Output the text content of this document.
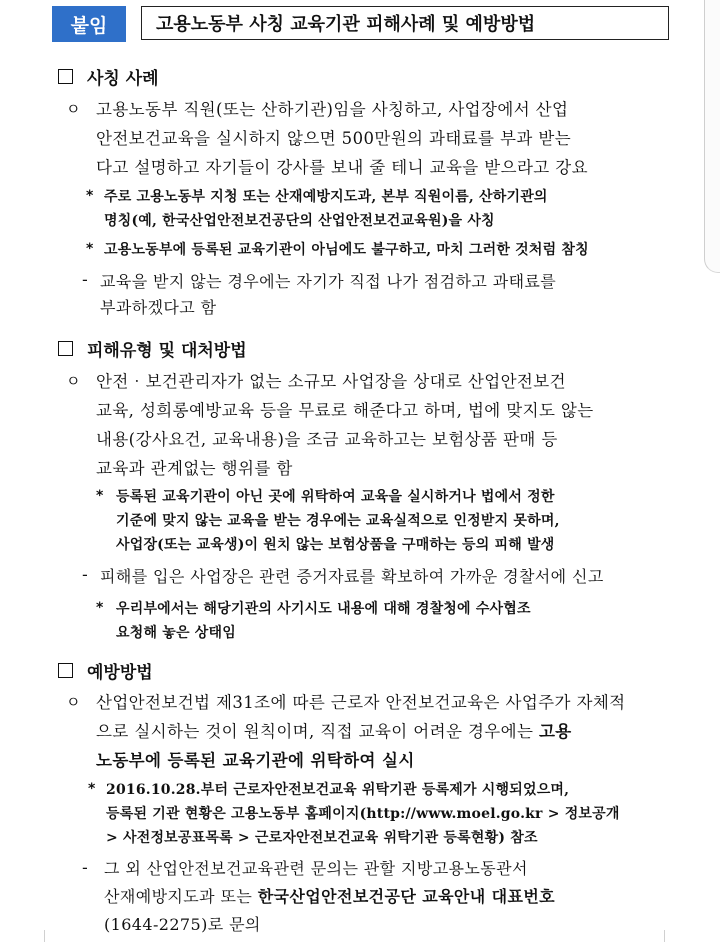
붙임	고용노동부 사칭 교육기관 피해사례 및 예방방법
사칭 사례
ㅇ 고용노동부 직원(또는 산하기관)임을 사칭하고, 사업장에서 산업
안전보건교육을 실시하지 않으면 500만원의 과태료를 부과 받는
다고 설명하고 자기들이 강사를 보내 줄 테니 교육을 받으라고 강요
* 주로 고용노동부 지청 또는 산재예방지도과, 본부 직원이름, 산하기관의
명칭(예, 한국산업안전보건공단의 산업안전보건교육원)을 사칭
* 고용노동부에 등록된 교육기관이 아님에도 불구하고, 마치 그러한 것처럼 참칭
- 교육을 받지 않는 경우에는 자기가 직접 나가 점검하고 과태료를
부과하겠다고 함
피해유형 및 대처방법
ㅇ 안전‧보건관리자가 없는 소규모 사업장을 상대로 산업안전보건
교육, 성희롱예방교육 등을 무료로 해준다고 하며, 법에 맞지도 않는
내용(강사요건, 교육내용)을 조금 교육하고는 보험상품 판매 등
교육과 관계없는 행위를 함
* 등록된 교육기관이 아닌 곳에 위탁하여 교육을 실시하거나 법에서 정한
기준에 맞지 않는 교육을 받는 경우에는 교육실적으로 인정받지 못하며,
사업장(또는 교육생)이 원치 않는 보험상품을 구매하는 등의 피해 발생
- 피해를 입은 사업장은 관련 증거자료를 확보하여 가까운 경찰서에 신고
* 우리부에서는 해당기관의 사기시도 내용에 대해 경찰청에 수사협조
요청해 놓은 상태임
예방방법
ㅇ 산업안전보건법 제31조에 따른 근로자 안전보건교육은 사업주가 자체적
으로 실시하는 것이 원칙이며, 직접 교육이 어려운 경우에는 고용
노동부에 등록된 교육기관에 위탁하여 실시
* 2016.10.28.부터 근로자안전보건교육 위탁기관 등록제가 시행되었으며,
등록된 기관 현황은 고용노동부 홈페이지(http://www.moel.go.kr > 정보공개
> 사전정보공표목록 > 근로자안전보건교육 위탁기관 등록현황) 참조
- 그 외 산업안전보건교육관련 문의는 관할 지방고용노동관서
산재예방지도과 또는 한국산업안전보건공단 교육안내 대표번호
(1644-2275)로 문의
